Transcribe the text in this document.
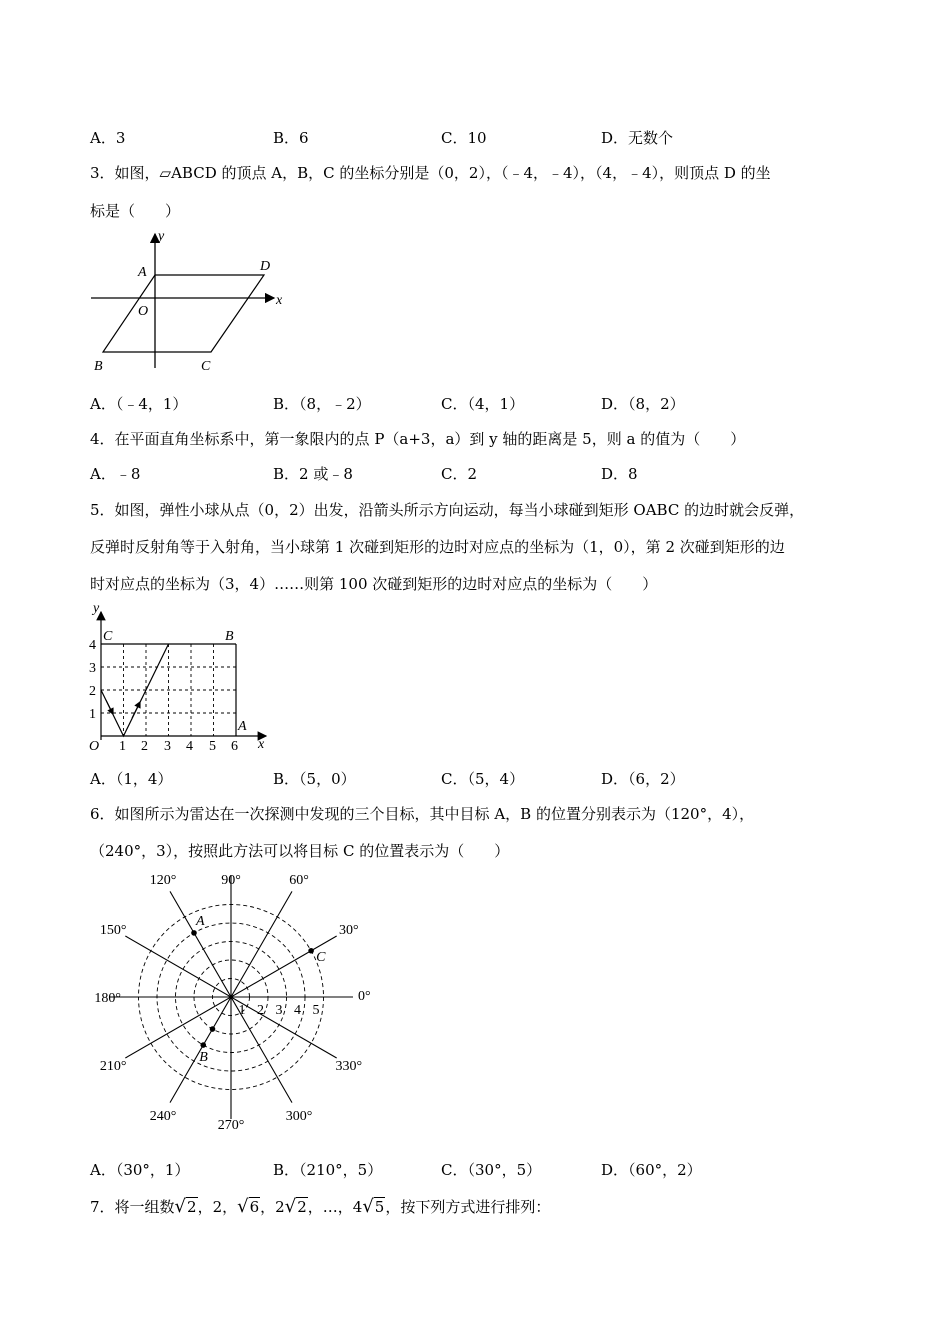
A．3	B．6	C．10	D．无数个
3．如图，▱ABCD 的顶点 A，B，C 的坐标分别是（0，2），（﹣4，﹣4），（4，﹣4），则顶点 D 的坐
标是（　　）
y
x
A	D
O
B	C
A．（﹣4，1）	B．（8，﹣2）	C．（4，1）	D．（8，2）
4．在平面直角坐标系中，第一象限内的点 P（a+3，a）到 y 轴的距离是 5，则 a 的值为（　　）
A．﹣8	B．2 或﹣8	C．2	D．8
5．如图，弹性小球从点（0，2）出发，沿箭头所示方向运动，每当小球碰到矩形 OABC 的边时就会反弹，
反弹时反射角等于入射角，当小球第 1 次碰到矩形的边时对应点的坐标为（1，0），第 2 次碰到矩形的边
时对应点的坐标为（3，4）……则第 100 次碰到矩形的边时对应点的坐标为（　　）
y
x
C	B
A
O
1
2
3
4
1 2 3 4 5 6
A．（1，4）	B．（5，0）	C．（5，4）	D．（6，2）
6．如图所示为雷达在一次探测中发现的三个目标，其中目标 A，B 的位置分别表示为（120°，4），
（240°，3），按照此方法可以将目标 C 的位置表示为（　　）
0°
30°
60°
90°
120°
150°
180°
210°
240°
270°
300°
330°
1 2 3 4 5
A
B
C
A．（30°，1）	B．（210°，5）	C．（30°，5）	D．（60°，2）
7．将一组数√2，2，√6，2√2，…，4√5，按下列方式进行排列：
